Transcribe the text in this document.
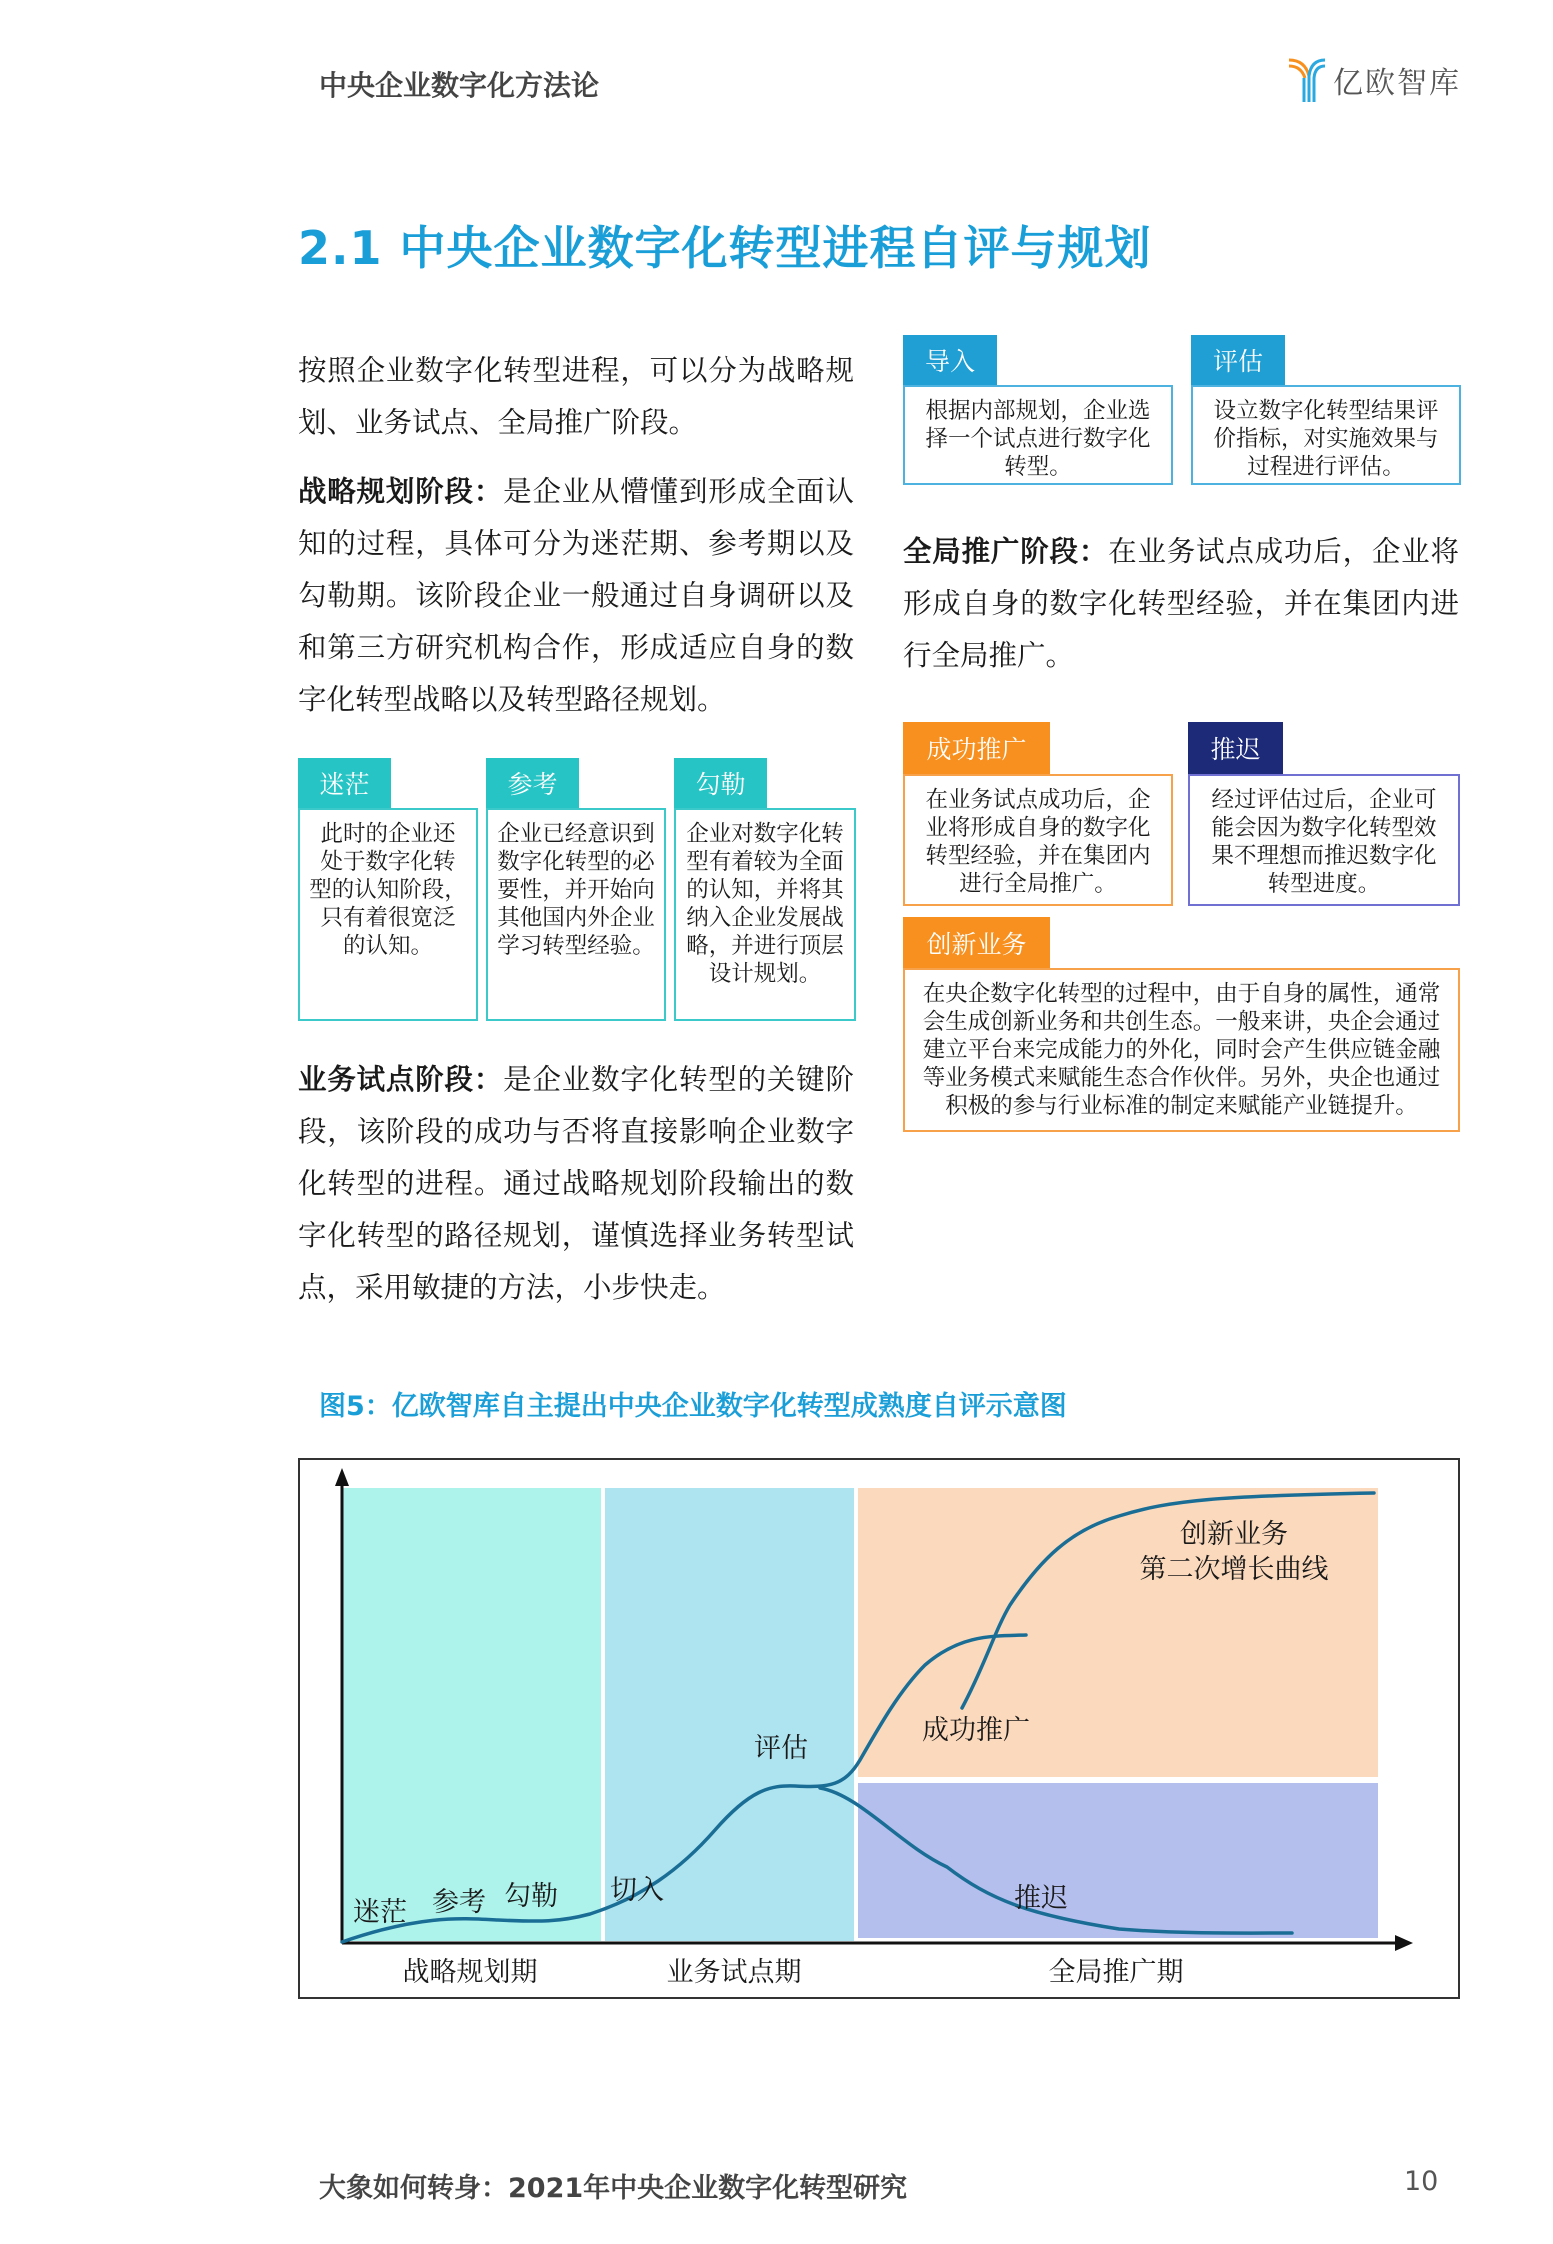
中央企业数字化方法论	亿欧智库
2.1 中央企业数字化转型进程自评与规划
按照企业数字化转型进程，可以分为战略规划、业务试点、全局推广阶段。
战略规划阶段：是企业从懵懂到形成全面认知的过程，具体可分为迷茫期、参考期以及勾勒期。该阶段企业一般通过自身调研以及和第三方研究机构合作，形成适应自身的数字化转型战略以及转型路径规划。
迷茫
此时的企业还
处于数字化转
型的认知阶段，
只有着很宽泛
的认知。
参考
企业已经意识到
数字化转型的必
要性，并开始向
其他国内外企业
学习转型经验。
勾勒
企业对数字化转
型有着较为全面
的认知，并将其
纳入企业发展战
略，并进行顶层
设计规划。
业务试点阶段：是企业数字化转型的关键阶段，该阶段的成功与否将直接影响企业数字化转型的进程。通过战略规划阶段输出的数字化转型的路径规划，谨慎选择业务转型试点，采用敏捷的方法，小步快走。
导入
根据内部规划，企业选
择一个试点进行数字化
转型。
评估
设立数字化转型结果评
价指标，对实施效果与
过程进行评估。
全局推广阶段：在业务试点成功后，企业将形成自身的数字化转型经验，并在集团内进行全局推广。
成功推广
在业务试点成功后，企
业将形成自身的数字化
转型经验，并在集团内
进行全局推广。
推迟
经过评估过后，企业可
能会因为数字化转型效
果不理想而推迟数字化
转型进度。
创新业务
在央企数字化转型的过程中，由于自身的属性，通常
会生成创新业务和共创生态。一般来讲，央企会通过
建立平台来完成能力的外化，同时会产生供应链金融
等业务模式来赋能生态合作伙伴。另外，央企也通过
积极的参与行业标准的制定来赋能产业链提升。
图5：亿欧智库自主提出中央企业数字化转型成熟度自评示意图
迷茫 参考 勾勒 切入
评估
成功推广
推迟
创新业务
第二次增长曲线
战略规划期	业务试点期	全局推广期
大象如何转身：2021年中央企业数字化转型研究	10
